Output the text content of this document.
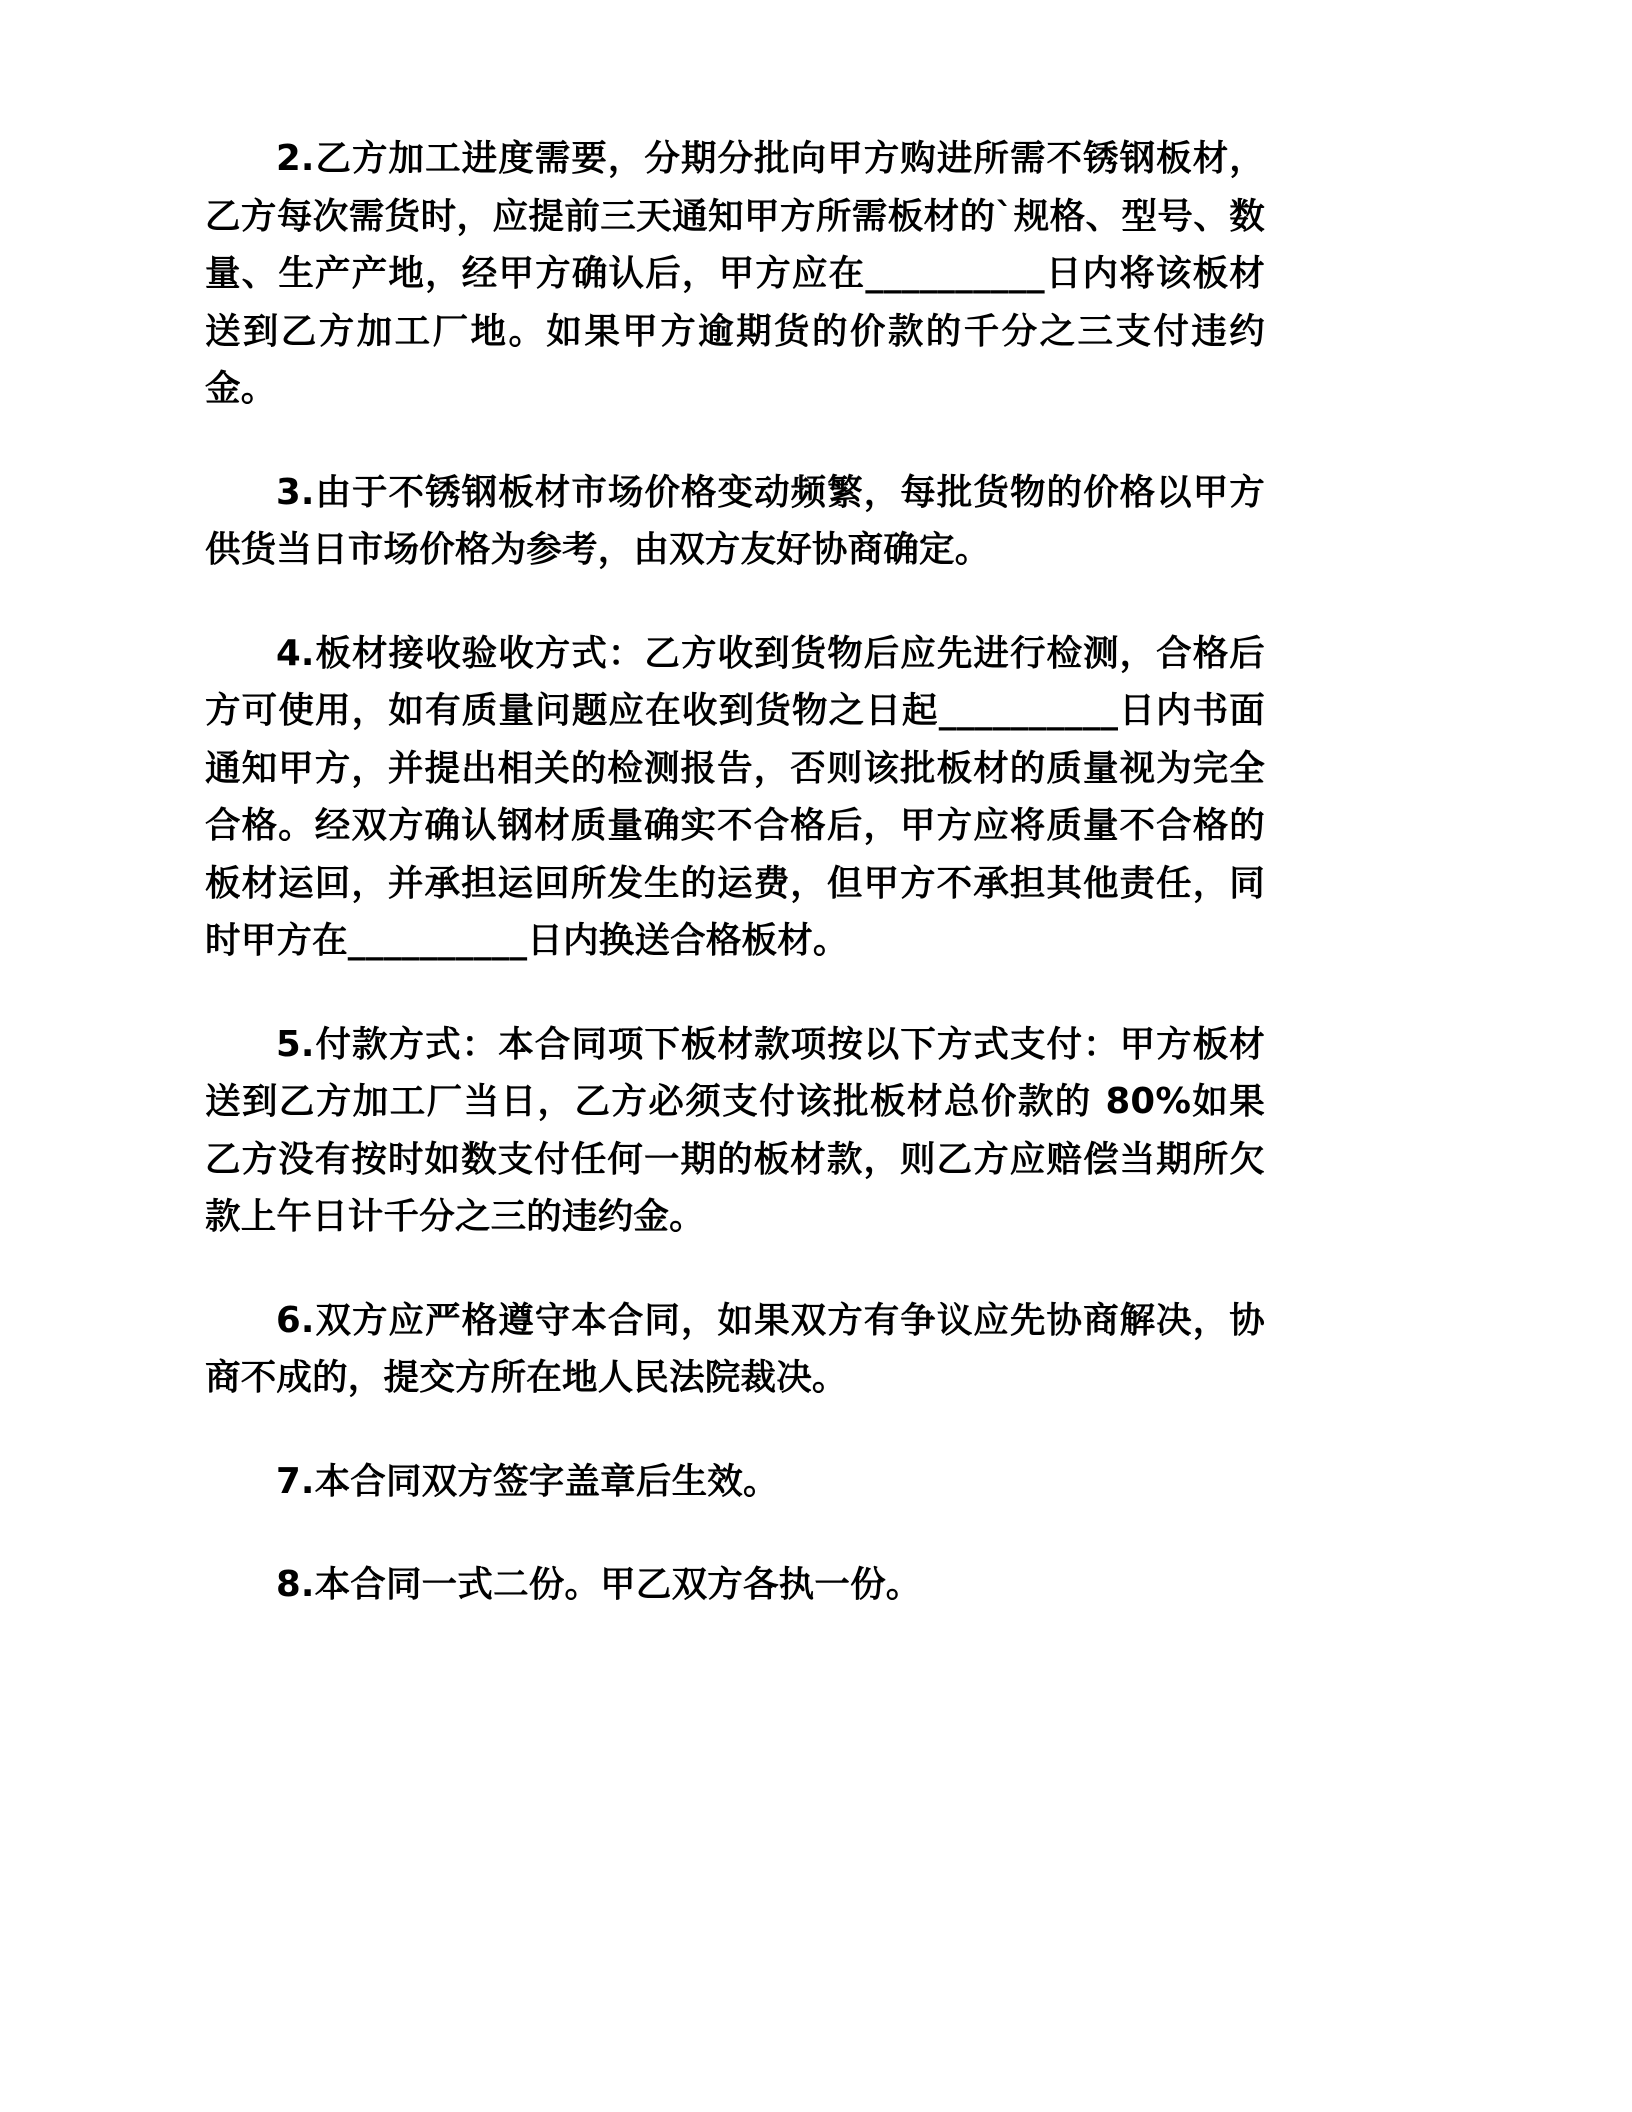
2.乙方加工进度需要，分期分批向甲方购进所需不锈钢板材，乙方每次需货时，应提前三天通知甲方所需板材的`规格、型号、数量、生产产地，经甲方确认后，甲方应在__________日内将该板材送到乙方加工厂地。如果甲方逾期货的价款的千分之三支付违约金。

3.由于不锈钢板材市场价格变动频繁，每批货物的价格以甲方供货当日市场价格为参考，由双方友好协商确定。

4.板材接收验收方式：乙方收到货物后应先进行检测，合格后方可使用，如有质量问题应在收到货物之日起__________日内书面通知甲方，并提出相关的检测报告，否则该批板材的质量视为完全合格。经双方确认钢材质量确实不合格后，甲方应将质量不合格的板材运回，并承担运回所发生的运费，但甲方不承担其他责任，同时甲方在__________日内换送合格板材。

5.付款方式：本合同项下板材款项按以下方式支付：甲方板材送到乙方加工厂当日，乙方必须支付该批板材总价款的 80%如果乙方没有按时如数支付任何一期的板材款，则乙方应赔偿当期所欠款上午日计千分之三的违约金。

6.双方应严格遵守本合同，如果双方有争议应先协商解决，协商不成的，提交方所在地人民法院裁决。

7.本合同双方签字盖章后生效。

8.本合同一式二份。甲乙双方各执一份。
